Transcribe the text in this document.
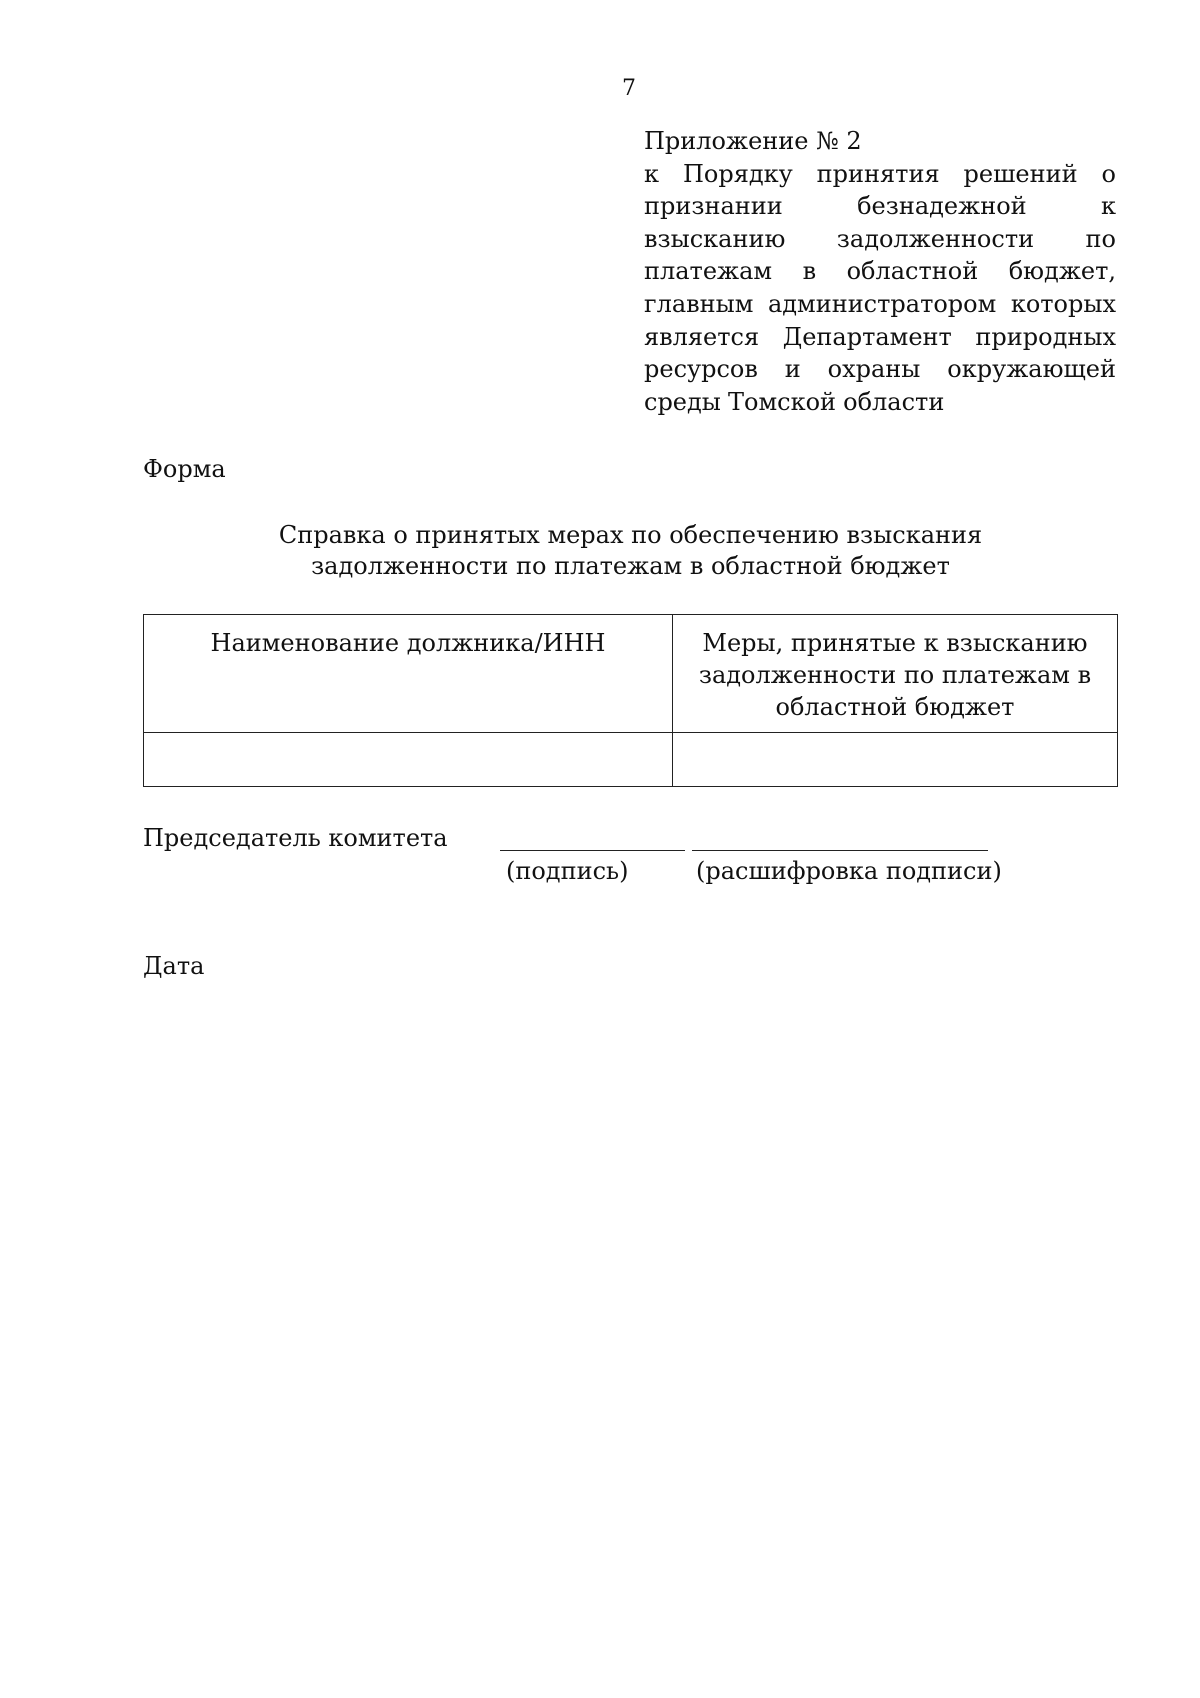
7
Приложение № 2
к Порядку принятия решений о признании безнадежной к взысканию задолженности по платежам в областной бюджет, главным администратором которых является Департамент природных ресурсов и охраны окружающей среды Томской области
Форма
Справка о принятых мерах по обеспечению взыскания
задолженности по платежам в областной бюджет
Наименование должника/ИНН	Меры, принятые к взысканию
задолженности по платежам в
областной бюджет

Председатель комитета
(подпись)	(расшифровка подписи)
Дата
